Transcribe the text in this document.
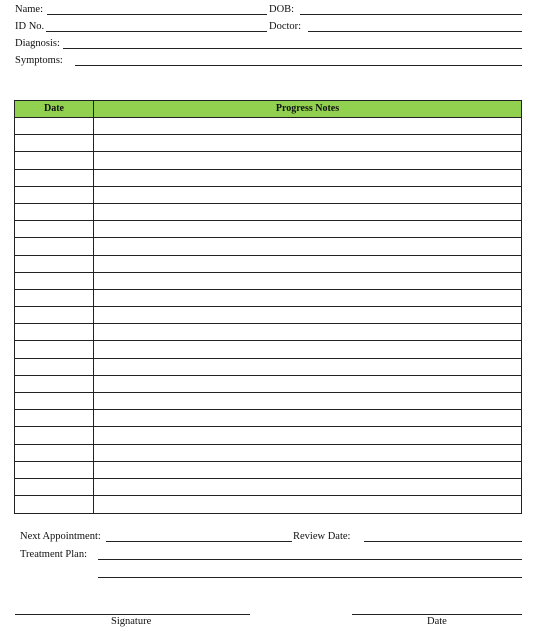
Name:	DOB:
ID No.	Doctor:
Diagnosis:
Symptoms:
Date	Progress Notes
Next Appointment:	Review Date:
Treatment Plan:
Signature	Date
